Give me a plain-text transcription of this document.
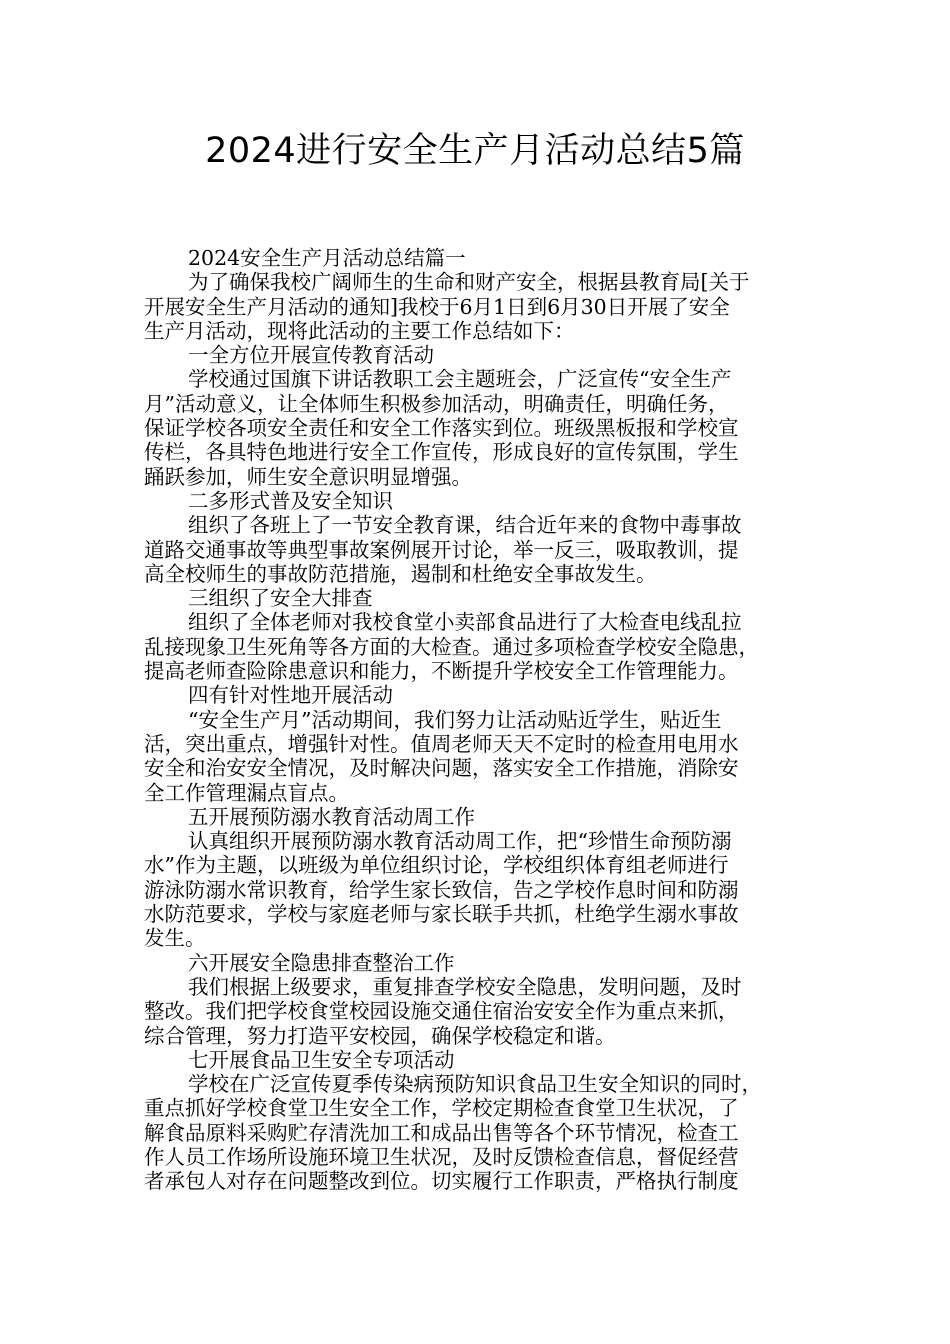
2024进行安全生产月活动总结5篇
2024安全生产月活动总结篇一
为了确保我校广阔师生的生命和财产安全，根据县教育局[关于
开展安全生产月活动的通知]我校于6月1日到6月30日开展了安全
生产月活动，现将此活动的主要工作总结如下：
一全方位开展宣传教育活动
学校通过国旗下讲话教职工会主题班会，广泛宣传“安全生产
月”活动意义，让全体师生积极参加活动，明确责任，明确任务，
保证学校各项安全责任和安全工作落实到位。班级黑板报和学校宣
传栏，各具特色地进行安全工作宣传，形成良好的宣传氛围，学生
踊跃参加，师生安全意识明显增强。
二多形式普及安全知识
组织了各班上了一节安全教育课，结合近年来的食物中毒事故
道路交通事故等典型事故案例展开讨论，举一反三，吸取教训，提
高全校师生的事故防范措施，遏制和杜绝安全事故发生。
三组织了安全大排查
组织了全体老师对我校食堂小卖部食品进行了大检查电线乱拉
乱接现象卫生死角等各方面的大检查。通过多项检查学校安全隐患，
提高老师查险除患意识和能力，不断提升学校安全工作管理能力。
四有针对性地开展活动
“安全生产月”活动期间，我们努力让活动贴近学生，贴近生
活，突出重点，增强针对性。值周老师天天不定时的检查用电用水
安全和治安安全情况，及时解决问题，落实安全工作措施，消除安
全工作管理漏点盲点。
五开展预防溺水教育活动周工作
认真组织开展预防溺水教育活动周工作，把“珍惜生命预防溺
水”作为主题，以班级为单位组织讨论，学校组织体育组老师进行
游泳防溺水常识教育，给学生家长致信，告之学校作息时间和防溺
水防范要求，学校与家庭老师与家长联手共抓，杜绝学生溺水事故
发生。
六开展安全隐患排查整治工作
我们根据上级要求，重复排查学校安全隐患，发明问题，及时
整改。我们把学校食堂校园设施交通住宿治安安全作为重点来抓，
综合管理，努力打造平安校园，确保学校稳定和谐。
七开展食品卫生安全专项活动
学校在广泛宣传夏季传染病预防知识食品卫生安全知识的同时，
重点抓好学校食堂卫生安全工作，学校定期检查食堂卫生状况，了
解食品原料采购贮存清洗加工和成品出售等各个环节情况，检查工
作人员工作场所设施环境卫生状况，及时反馈检查信息，督促经营
者承包人对存在问题整改到位。切实履行工作职责，严格执行制度
